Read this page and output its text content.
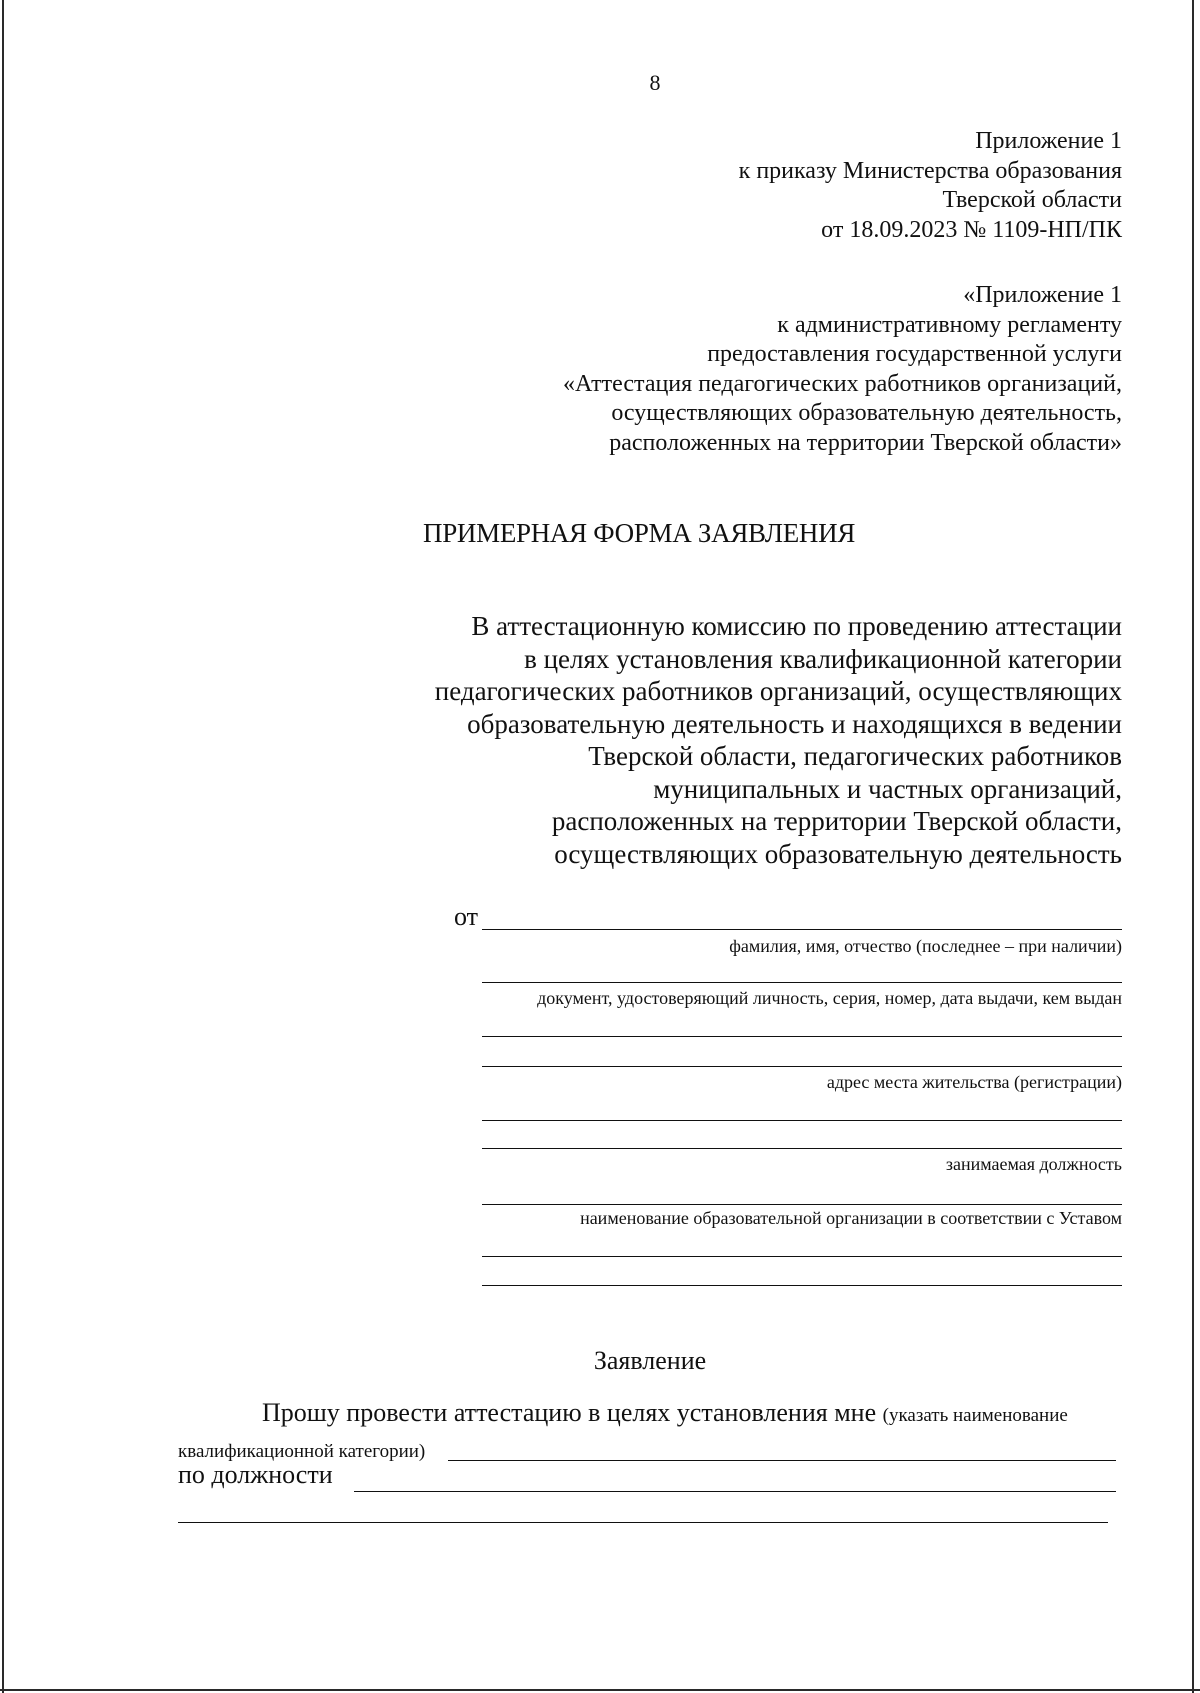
8
Приложение 1
к приказу Министерства образования
Тверской области
от 18.09.2023 № 1109-НП/ПК
«Приложение 1
к административному регламенту
предоставления государственной услуги
«Аттестация педагогических работников организаций,
осуществляющих образовательную деятельность,
расположенных на территории Тверской области»
ПРИМЕРНАЯ ФОРМА ЗАЯВЛЕНИЯ
В аттестационную комиссию по проведению аттестации
в целях установления квалификационной категории
педагогических работников организаций, осуществляющих
образовательную деятельность и находящихся в ведении
Тверской области, педагогических работников
муниципальных и частных организаций,
расположенных на территории Тверской области,
осуществляющих образовательную деятельность
от
фамилия, имя, отчество (последнее – при наличии)
документ, удостоверяющий личность, серия, номер, дата выдачи, кем выдан
адрес места жительства (регистрации)
занимаемая должность
наименование образовательной организации в соответствии с Уставом
Заявление
Прошу провести аттестацию в целях установления мне (указать наименование
квалификационной категории)
по должности
